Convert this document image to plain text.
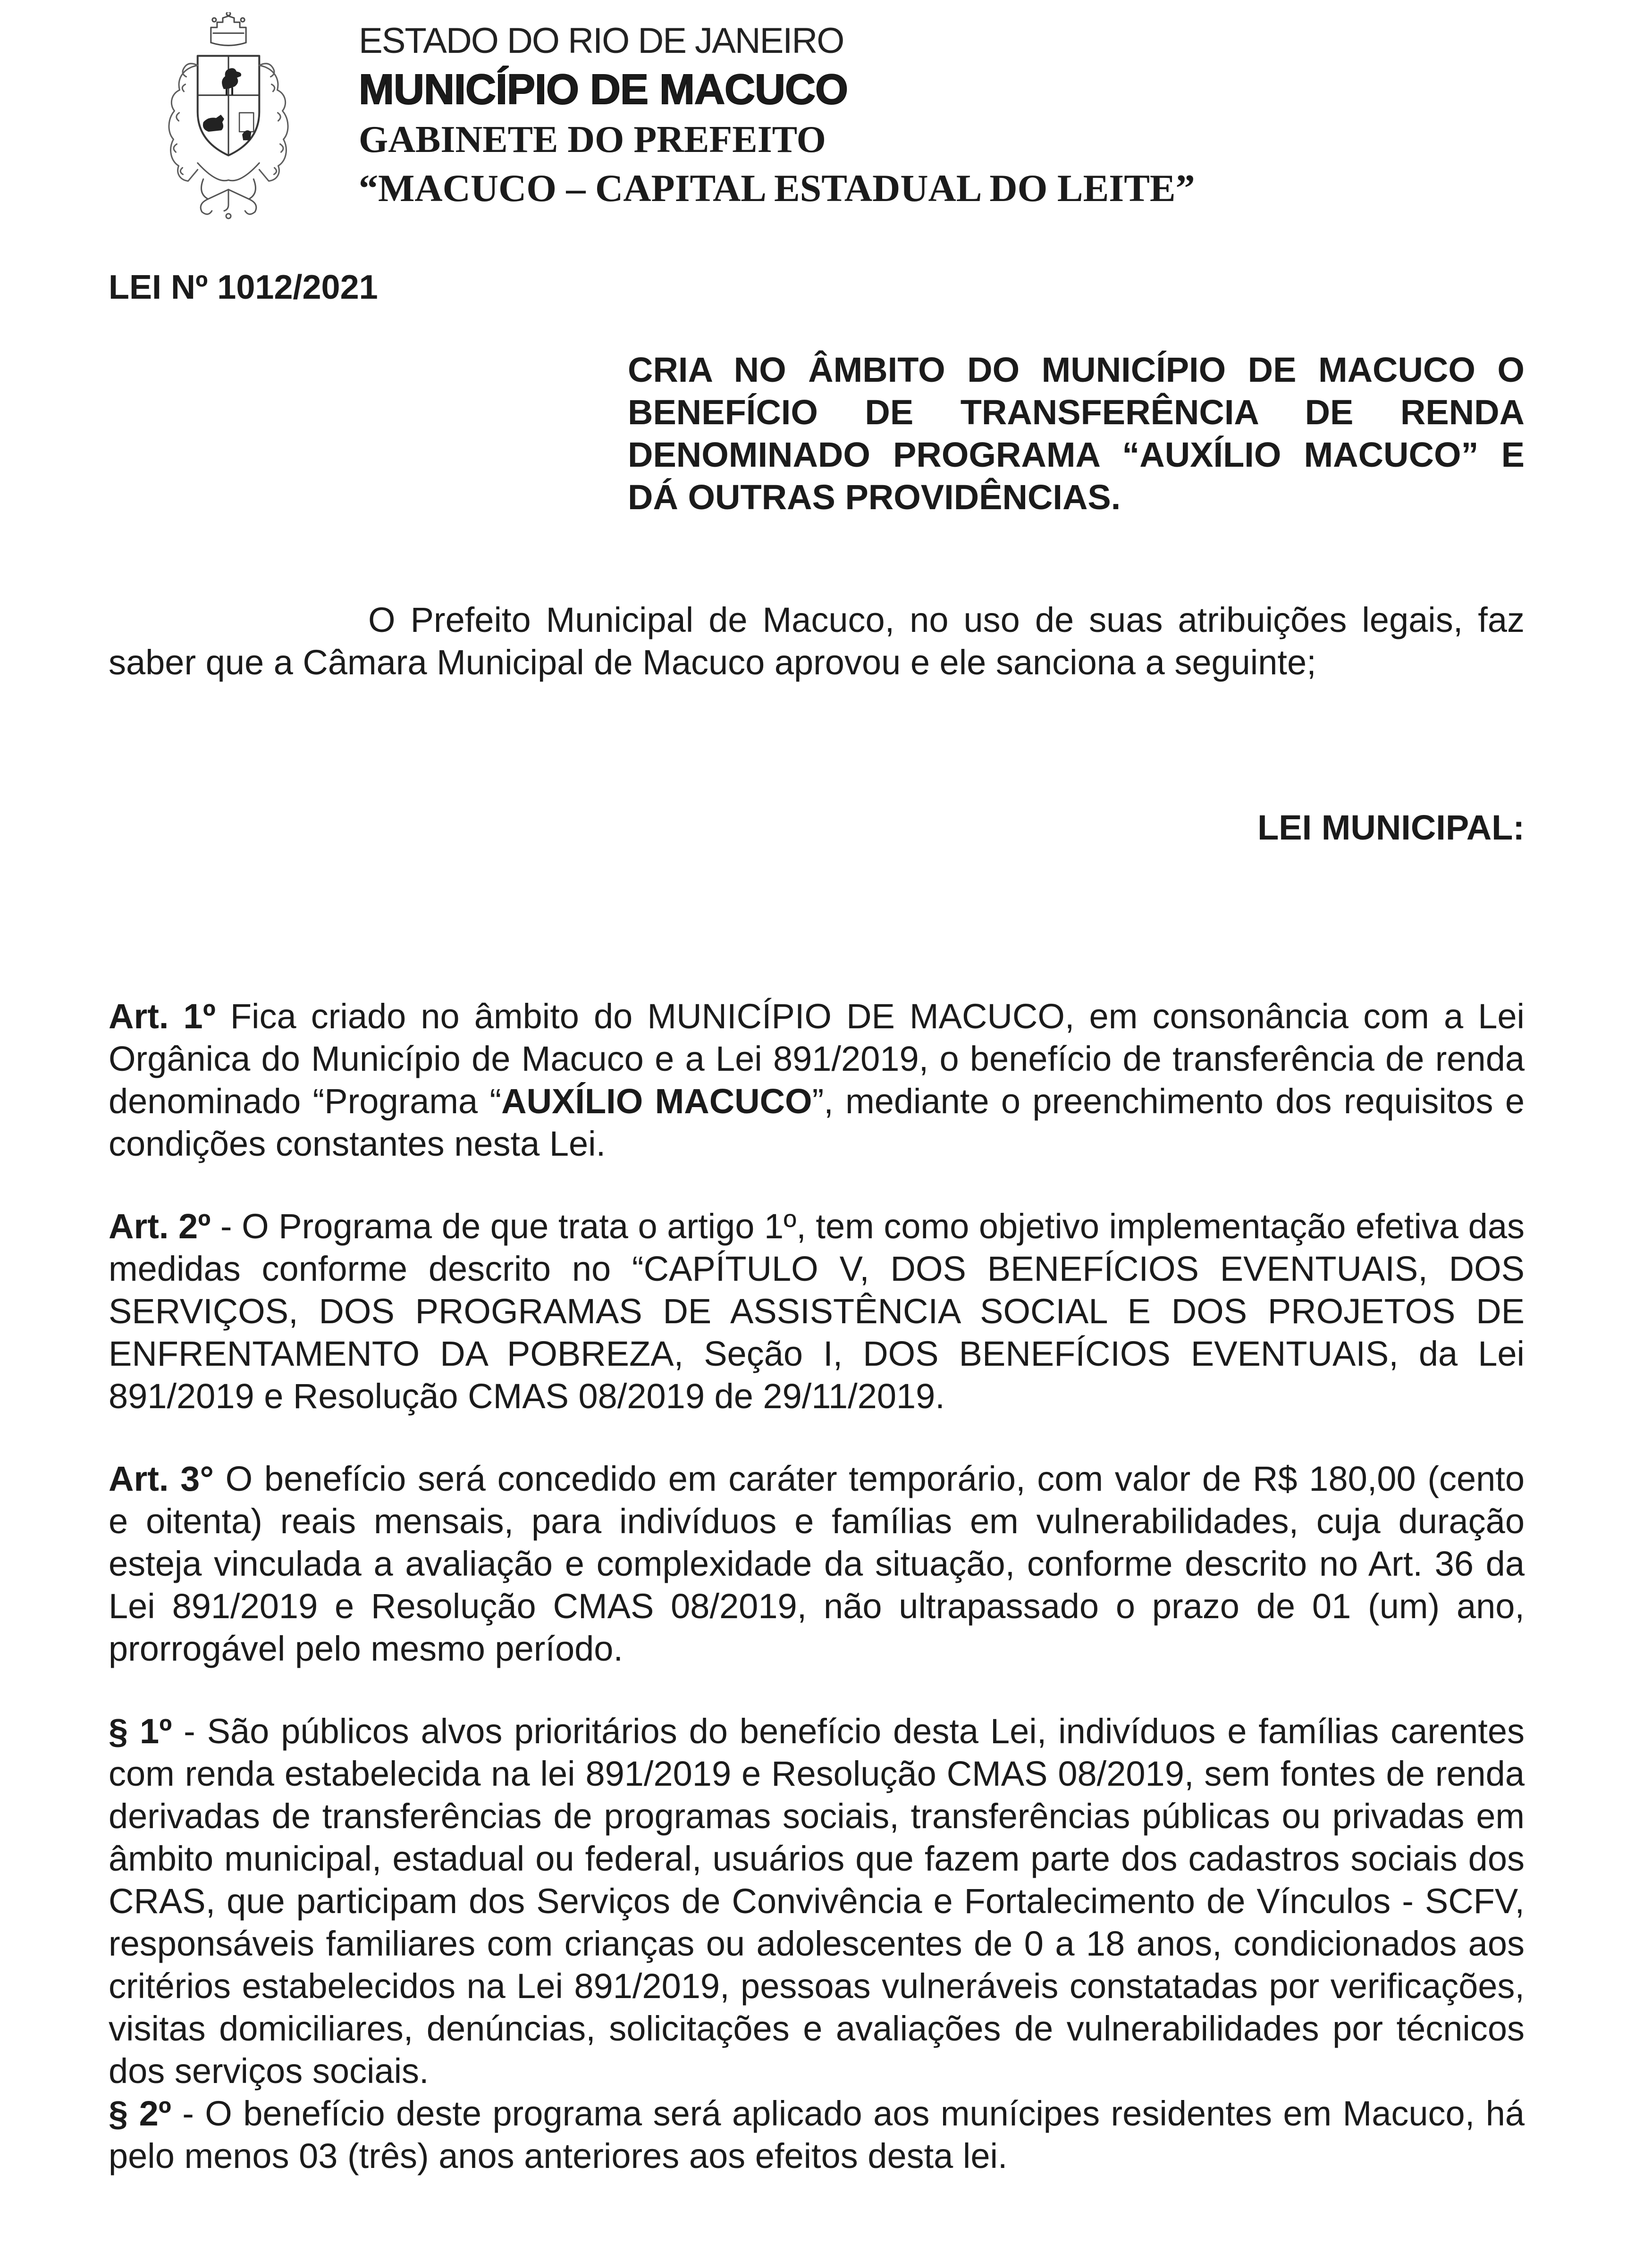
ESTADO DO RIO DE JANEIRO
MUNICÍPIO DE MACUCO
GABINETE DO PREFEITO
“MACUCO – CAPITAL ESTADUAL DO LEITE”
LEI Nº 1012/2021
CRIA NO ÂMBITO DO MUNICÍPIO DE MACUCO O BENEFÍCIO DE TRANSFERÊNCIA DE RENDA DENOMINADO PROGRAMA “AUXÍLIO MACUCO” E DÁ OUTRAS PROVIDÊNCIAS.

O Prefeito Municipal de Macuco, no uso de suas atribuições legais, faz saber que a Câmara Municipal de Macuco aprovou e ele sanciona a seguinte;

LEI MUNICIPAL:

Art. 1º Fica criado no âmbito do MUNICÍPIO DE MACUCO, em consonância com a Lei Orgânica do Município de Macuco e a Lei 891/2019, o benefício de transferência de renda denominado “Programa “AUXÍLIO MACUCO”, mediante o preenchimento dos requisitos e condições constantes nesta Lei.

Art. 2º - O Programa de que trata o artigo 1º, tem como objetivo implementação efetiva das medidas conforme descrito no “CAPÍTULO V, DOS BENEFÍCIOS EVENTUAIS, DOS SERVIÇOS, DOS PROGRAMAS DE ASSISTÊNCIA SOCIAL E DOS PROJETOS DE ENFRENTAMENTO DA POBREZA, Seção I, DOS BENEFÍCIOS EVENTUAIS, da Lei 891/2019 e Resolução CMAS 08/2019 de 29/11/2019.

Art. 3° O benefício será concedido em caráter temporário, com valor de R$ 180,00 (cento e oitenta) reais mensais, para indivíduos e famílias em vulnerabilidades, cuja duração esteja vinculada a avaliação e complexidade da situação, conforme descrito no Art. 36 da Lei 891/2019 e Resolução CMAS 08/2019, não ultrapassado o prazo de 01 (um) ano, prorrogável pelo mesmo período.

§ 1º - São públicos alvos prioritários do benefício desta Lei, indivíduos e famílias carentes com renda estabelecida na lei 891/2019 e Resolução CMAS 08/2019, sem fontes de renda derivadas de transferências de programas sociais, transferências públicas ou privadas em âmbito municipal, estadual ou federal, usuários que fazem parte dos cadastros sociais dos CRAS, que participam dos Serviços de Convivência e Fortalecimento de Vínculos - SCFV, responsáveis familiares com crianças ou adolescentes de 0 a 18 anos, condicionados aos critérios estabelecidos na Lei 891/2019, pessoas vulneráveis constatadas por verificações, visitas domiciliares, denúncias, solicitações e avaliações de vulnerabilidades por técnicos dos serviços sociais.

§ 2º - O benefício deste programa será aplicado aos munícipes residentes em Macuco, há pelo menos 03 (três) anos anteriores aos efeitos desta lei.
